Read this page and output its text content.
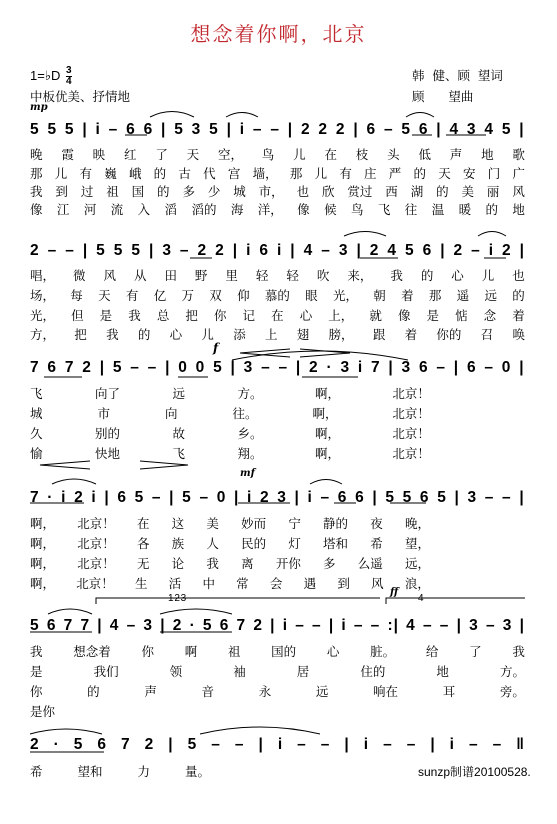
想念着你啊，北京
1=♭D $\frac{3}{4}$
中板优美、抒情地
韩  健、顾  望词
顾      望曲
mp
f
mf
ff
1 2 3	4
5 5 5 | i – 6 6 | 5 3 5 | i – – | 2 2 2 | 6 – 5 6 | 4 3 4 5 |
晚 霞 映 红 了 天 空， 鸟 儿 在 枝 头 低 声 地 歌
那 儿 有 巍 峨 的 古 代 宫 墙， 那 儿 有 庄 严 的 天 安 门 广
我 到 过 祖 国 的 多 少 城 市， 也 欣 赏过 西 湖 的 美 丽 风
像 江 河 流 入 滔 滔的 海 洋， 像 候 鸟 飞 往 温 暖 的 地
2 – – | 5 5 5 | 3 – 2 2 | i 6 i | 4 – 3 | 2 4 5 6 | 2 – i 2 |
唱， 微 风 从 田 野 里 轻 轻 吹 来， 我 的 心 儿 也
场， 每 天 有 亿 万 双 仰 慕的 眼 光， 朝 着 那 遥 远 的
光， 但 是 我 总 把 你 记 在 心 上， 就 像 是 惦 念 着
方， 把 我 的 心 儿 添 上 翅 膀， 跟 着 你的 召 唤
7 6 7 2 | 5 – – | 0 0 5 | 3 – – | 2 · 3 i 7 | 3 6 – | 6 – 0 |
飞	向了	远	方。	啊，	北京！
城	市	向	往。	啊，	北京！
久	别的	故	乡。	啊，	北京！
愉	快地	飞	翔。	啊，	北京！
7 · i 2 i | 6 5 – | 5 – 0 | i 2 3 | i – 6 6 | 5 5 6 5 | 3 – – |
啊， 北京！ 在 这 美 妙而 宁 静的 夜 晚，
啊， 北京！ 各 族 人 民的 灯 塔和 希 望，
啊， 北京！ 无 论 我 离 开你 多 么遥 远，
啊， 北京！ 生 活 中 常 会 遇 到 风 浪，
5 6 7 7 | 4 – 3 | 2 · 5 6 7 2 | i – – | i – – :| 4 – – | 3 – 3 |
我 想念着 你 啊 祖 国的 心 脏。 给 了 我
是	我们	领	袖	居	住的	地	方。
你	的	声	音	永	远	响在	耳	旁。
是你
2 · 5 6 7 2 | 5 – – | i – – | i – – | i – – ‖
希	望和	力	量。	sunzp制谱20100528.
